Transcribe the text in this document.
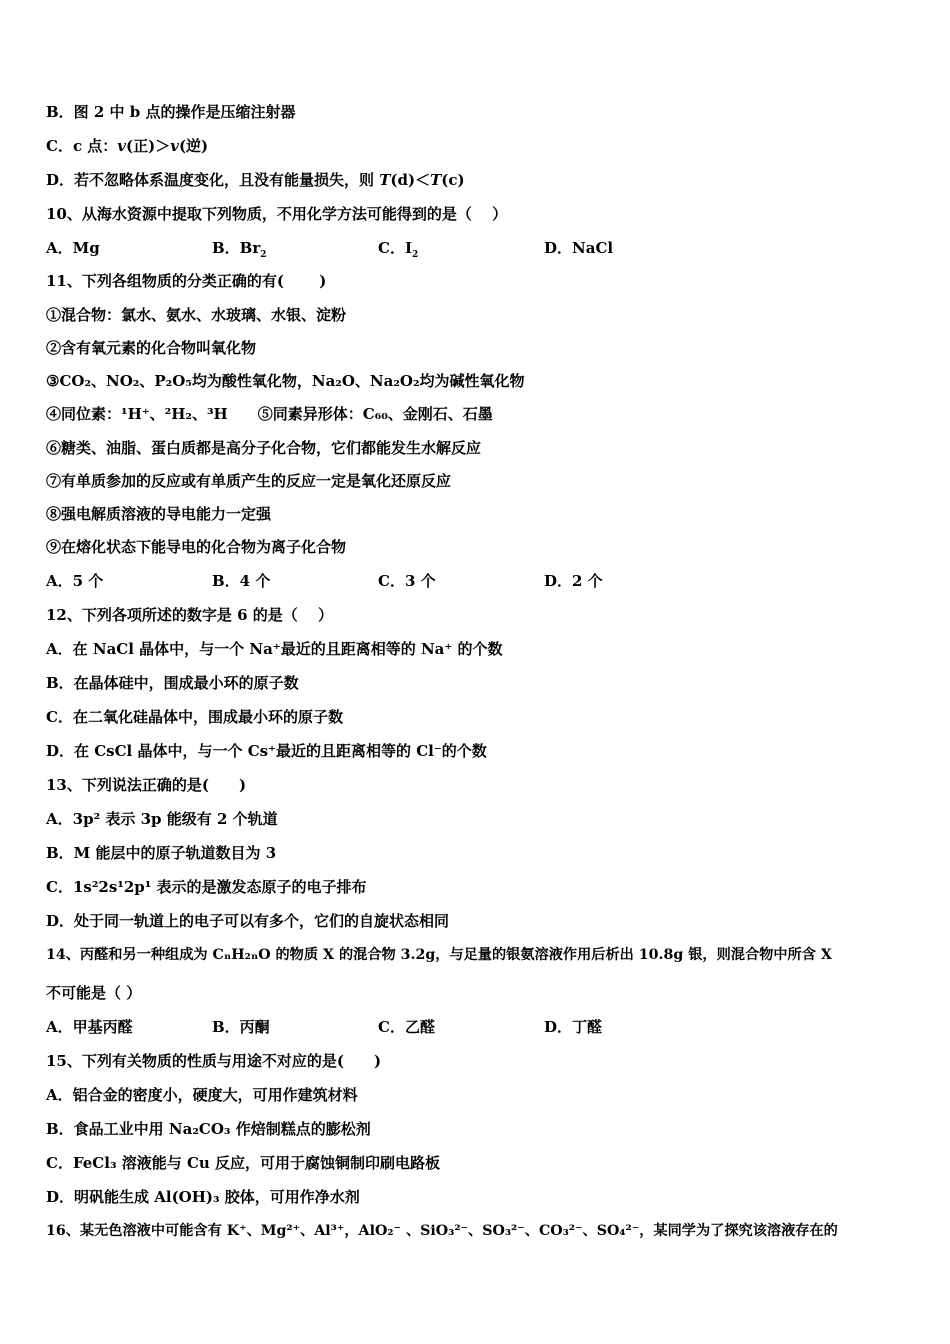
B．图 2 中 b 点的操作是压缩注射器
C．c 点：v(正)＞v(逆)
D．若不忽略体系温度变化，且没有能量损失，则 T(d)＜T(c)
10、从海水资源中提取下列物质，不用化学方法可能得到的是（　 ）
A．Mg	B．$Br_2$	C．$I_2$	D．NaCl
11、下列各组物质的分类正确的有(　　 )
①混合物：氯水、氨水、水玻璃、水银、淀粉
②含有氧元素的化合物叫氧化物
③CO₂、NO₂、P₂O₅均为酸性氧化物，Na₂O、Na₂O₂均为碱性氧化物
④同位素：¹H⁺、²H₂、³H　　⑤同素异形体：C₆₀、金刚石、石墨
⑥糖类、油脂、蛋白质都是高分子化合物，它们都能发生水解反应
⑦有单质参加的反应或有单质产生的反应一定是氧化还原反应
⑧强电解质溶液的导电能力一定强
⑨在熔化状态下能导电的化合物为离子化合物
A．5 个	B．4 个	C．3 个	D．2 个
12、下列各项所述的数字是 6 的是（　 ）
A．在 NaCl 晶体中，与一个 Na⁺最近的且距离相等的 Na⁺ 的个数
B．在晶体硅中，围成最小环的原子数
C．在二氧化硅晶体中，围成最小环的原子数
D．在 CsCl 晶体中，与一个 Cs⁺最近的且距离相等的 Cl⁻的个数
13、下列说法正确的是(　　)
A．3p² 表示 3p 能级有 2 个轨道
B．M 能层中的原子轨道数目为 3
C．1s²2s¹2p¹ 表示的是激发态原子的电子排布
D．处于同一轨道上的电子可以有多个，它们的自旋状态相同
14、丙醛和另一种组成为 CₙH₂ₙO 的物质 X 的混合物 3.2g，与足量的银氨溶液作用后析出 10.8g 银，则混合物中所含 X
不可能是（ ）
A．甲基丙醛	B．丙酮	C．乙醛	D．丁醛
15、下列有关物质的性质与用途不对应的是(　　)
A．铝合金的密度小，硬度大，可用作建筑材料
B．食品工业中用 Na₂CO₃ 作焙制糕点的膨松剂
C．FeCl₃ 溶液能与 Cu 反应，可用于腐蚀铜制印刷电路板
D．明矾能生成 Al(OH)₃ 胶体，可用作净水剂
16、某无色溶液中可能含有 K⁺、Mg²⁺、Al³⁺，AlO₂⁻ 、SiO₃²⁻、SO₃²⁻、CO₃²⁻、SO₄²⁻，某同学为了探究该溶液存在的
